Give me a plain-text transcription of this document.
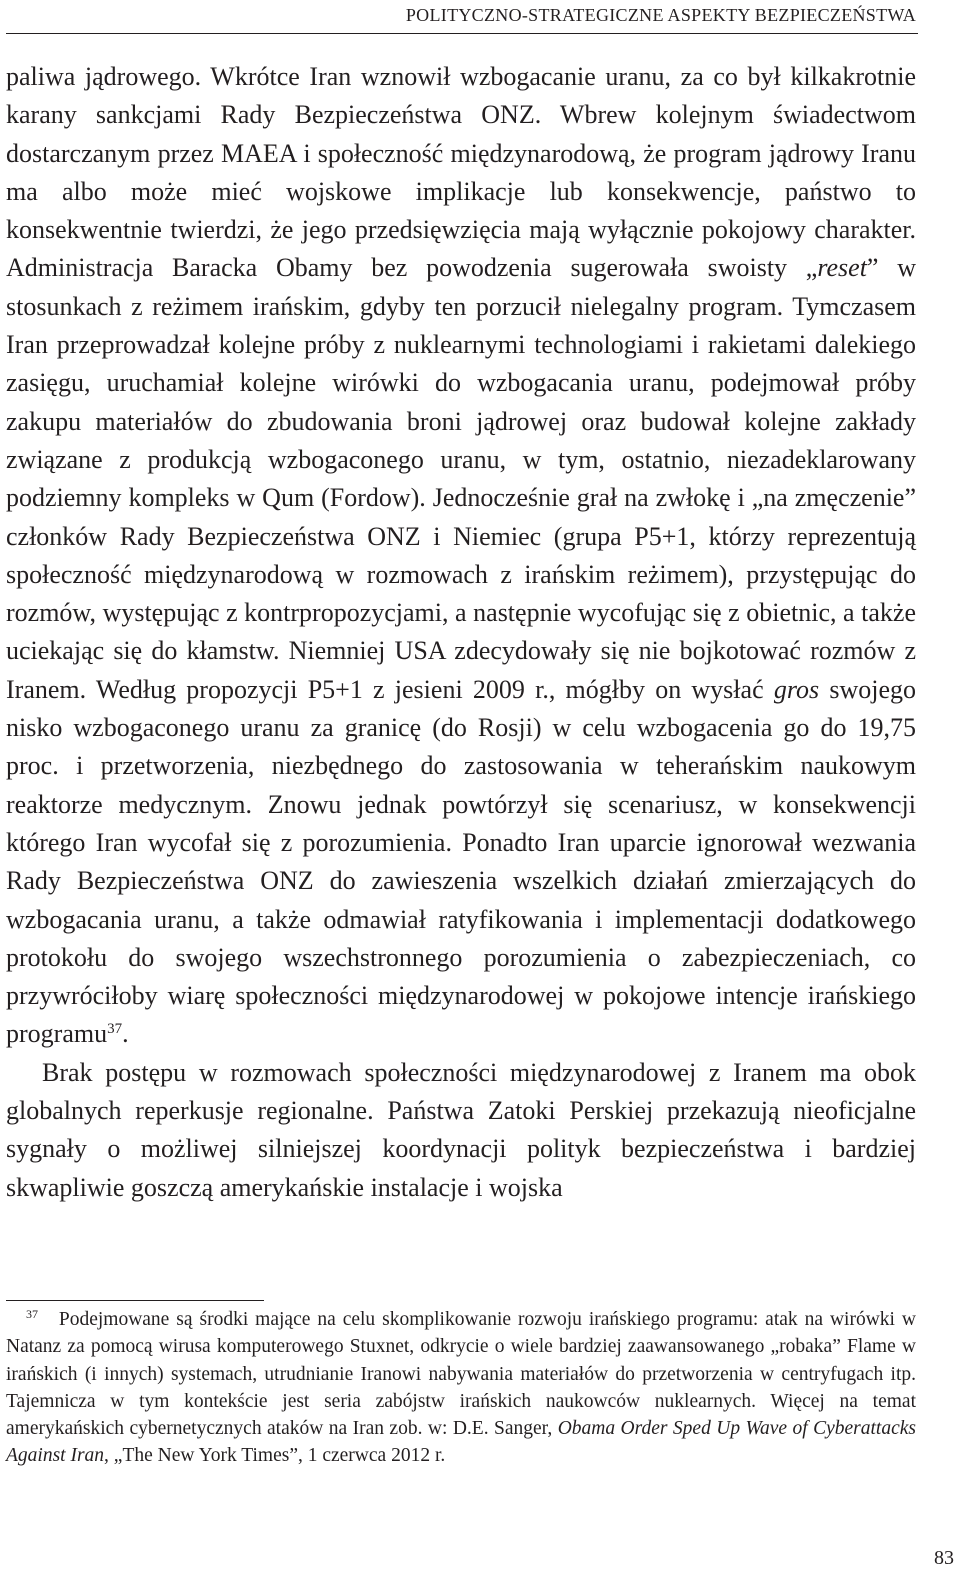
POLITYCZNO-STRATEGICZNE ASPEKTY BEZPIECZEŃSTWA

paliwa jądrowego. Wkrótce Iran wznowił wzbogacanie uranu, za co był kilkakrotnie karany sankcjami Rady Bezpieczeństwa ONZ. Wbrew kolejnym świadectwom dostarczanym przez MAEA i społeczność międzynarodową, że program jądrowy Iranu ma albo może mieć wojskowe implikacje lub konsekwencje, państwo to konsekwentnie twierdzi, że jego przedsięwzięcia mają wyłącznie pokojowy charakter. Administracja Baracka Obamy bez powodzenia sugerowała swoisty „reset” w stosunkach z reżimem irańskim, gdyby ten porzucił nielegalny program. Tymczasem Iran przeprowadzał kolejne próby z nuklearnymi technologiami i rakietami dalekiego zasięgu, uruchamiał kolejne wirówki do wzbogacania uranu, podejmował próby zakupu materiałów do zbudowania broni jądrowej oraz budował kolejne zakłady związane z produkcją wzbogaconego uranu, w tym, ostatnio, niezadeklarowany podziemny kompleks w Qum (Fordow). Jednocześnie grał na zwłokę i „na zmęczenie” członków Rady Bezpieczeństwa ONZ i Niemiec (grupa P5+1, którzy reprezentują społeczność międzynarodową w rozmowach z irańskim reżimem), przystępując do rozmów, występując z kontrpropozycjami, a następnie wycofując się z obietnic, a także uciekając się do kłamstw. Niemniej USA zdecydowały się nie bojkotować rozmów z Iranem. Według propozycji P5+1 z jesieni 2009 r., mógłby on wysłać gros swojego nisko wzbogaconego uranu za granicę (do Rosji) w celu wzbogacenia go do 19,75 proc. i przetworzenia, niezbędnego do zastosowania w teherańskim naukowym reaktorze medycznym. Znowu jednak powtórzył się scenariusz, w konsekwencji którego Iran wycofał się z porozumienia. Ponadto Iran uparcie ignorował wezwania Rady Bezpieczeństwa ONZ do zawieszenia wszelkich działań zmierzających do wzbogacania uranu, a także odmawiał ratyfikowania i implementacji dodatkowego protokołu do swojego wszechstronnego porozumienia o zabezpieczeniach, co przywróciłoby wiarę społeczności międzynarodowej w pokojowe intencje irańskiego programu$^{37}$.

Brak postępu w rozmowach społeczności międzynarodowej z Iranem ma obok globalnych reperkusje regionalne. Państwa Zatoki Perskiej przekazują nieoficjalne sygnały o możliwej silniejszej koordynacji polityk bezpieczeństwa i bardziej skwapliwie goszczą amerykańskie instalacje i wojska

$^{37}$ Podejmowane są środki mające na celu skomplikowanie rozwoju irańskiego programu: atak na wirówki w Natanz za pomocą wirusa komputerowego Stuxnet, odkrycie o wiele bardziej zaawansowanego „robaka” Flame w irańskich (i innych) systemach, utrudnianie Iranowi nabywania materiałów do przetworzenia w centryfugach itp. Tajemnicza w tym kontekście jest seria zabójstw irańskich naukowców nuklearnych. Więcej na temat amerykańskich cybernetycznych ataków na Iran zob. w: D.E. Sanger, Obama Order Sped Up Wave of Cyberattacks Against Iran, „The New York Times”, 1 czerwca 2012 r.

83
